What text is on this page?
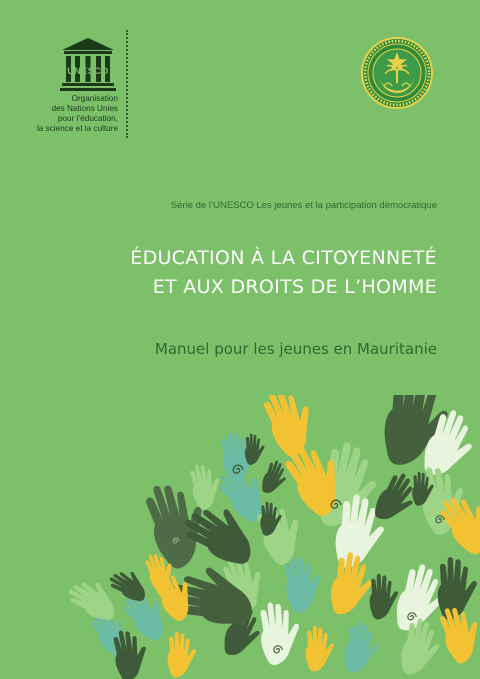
UNESCO
Organisation
des Nations Unies
pour l’éducation,
la science et la culture
Série de l’UNESCO Les jeunes et la participation démocratique
ÉDUCATION À LA CITOYENNETÉ
ET AUX DROITS DE L’HOMME
Manuel pour les jeunes en Mauritanie
